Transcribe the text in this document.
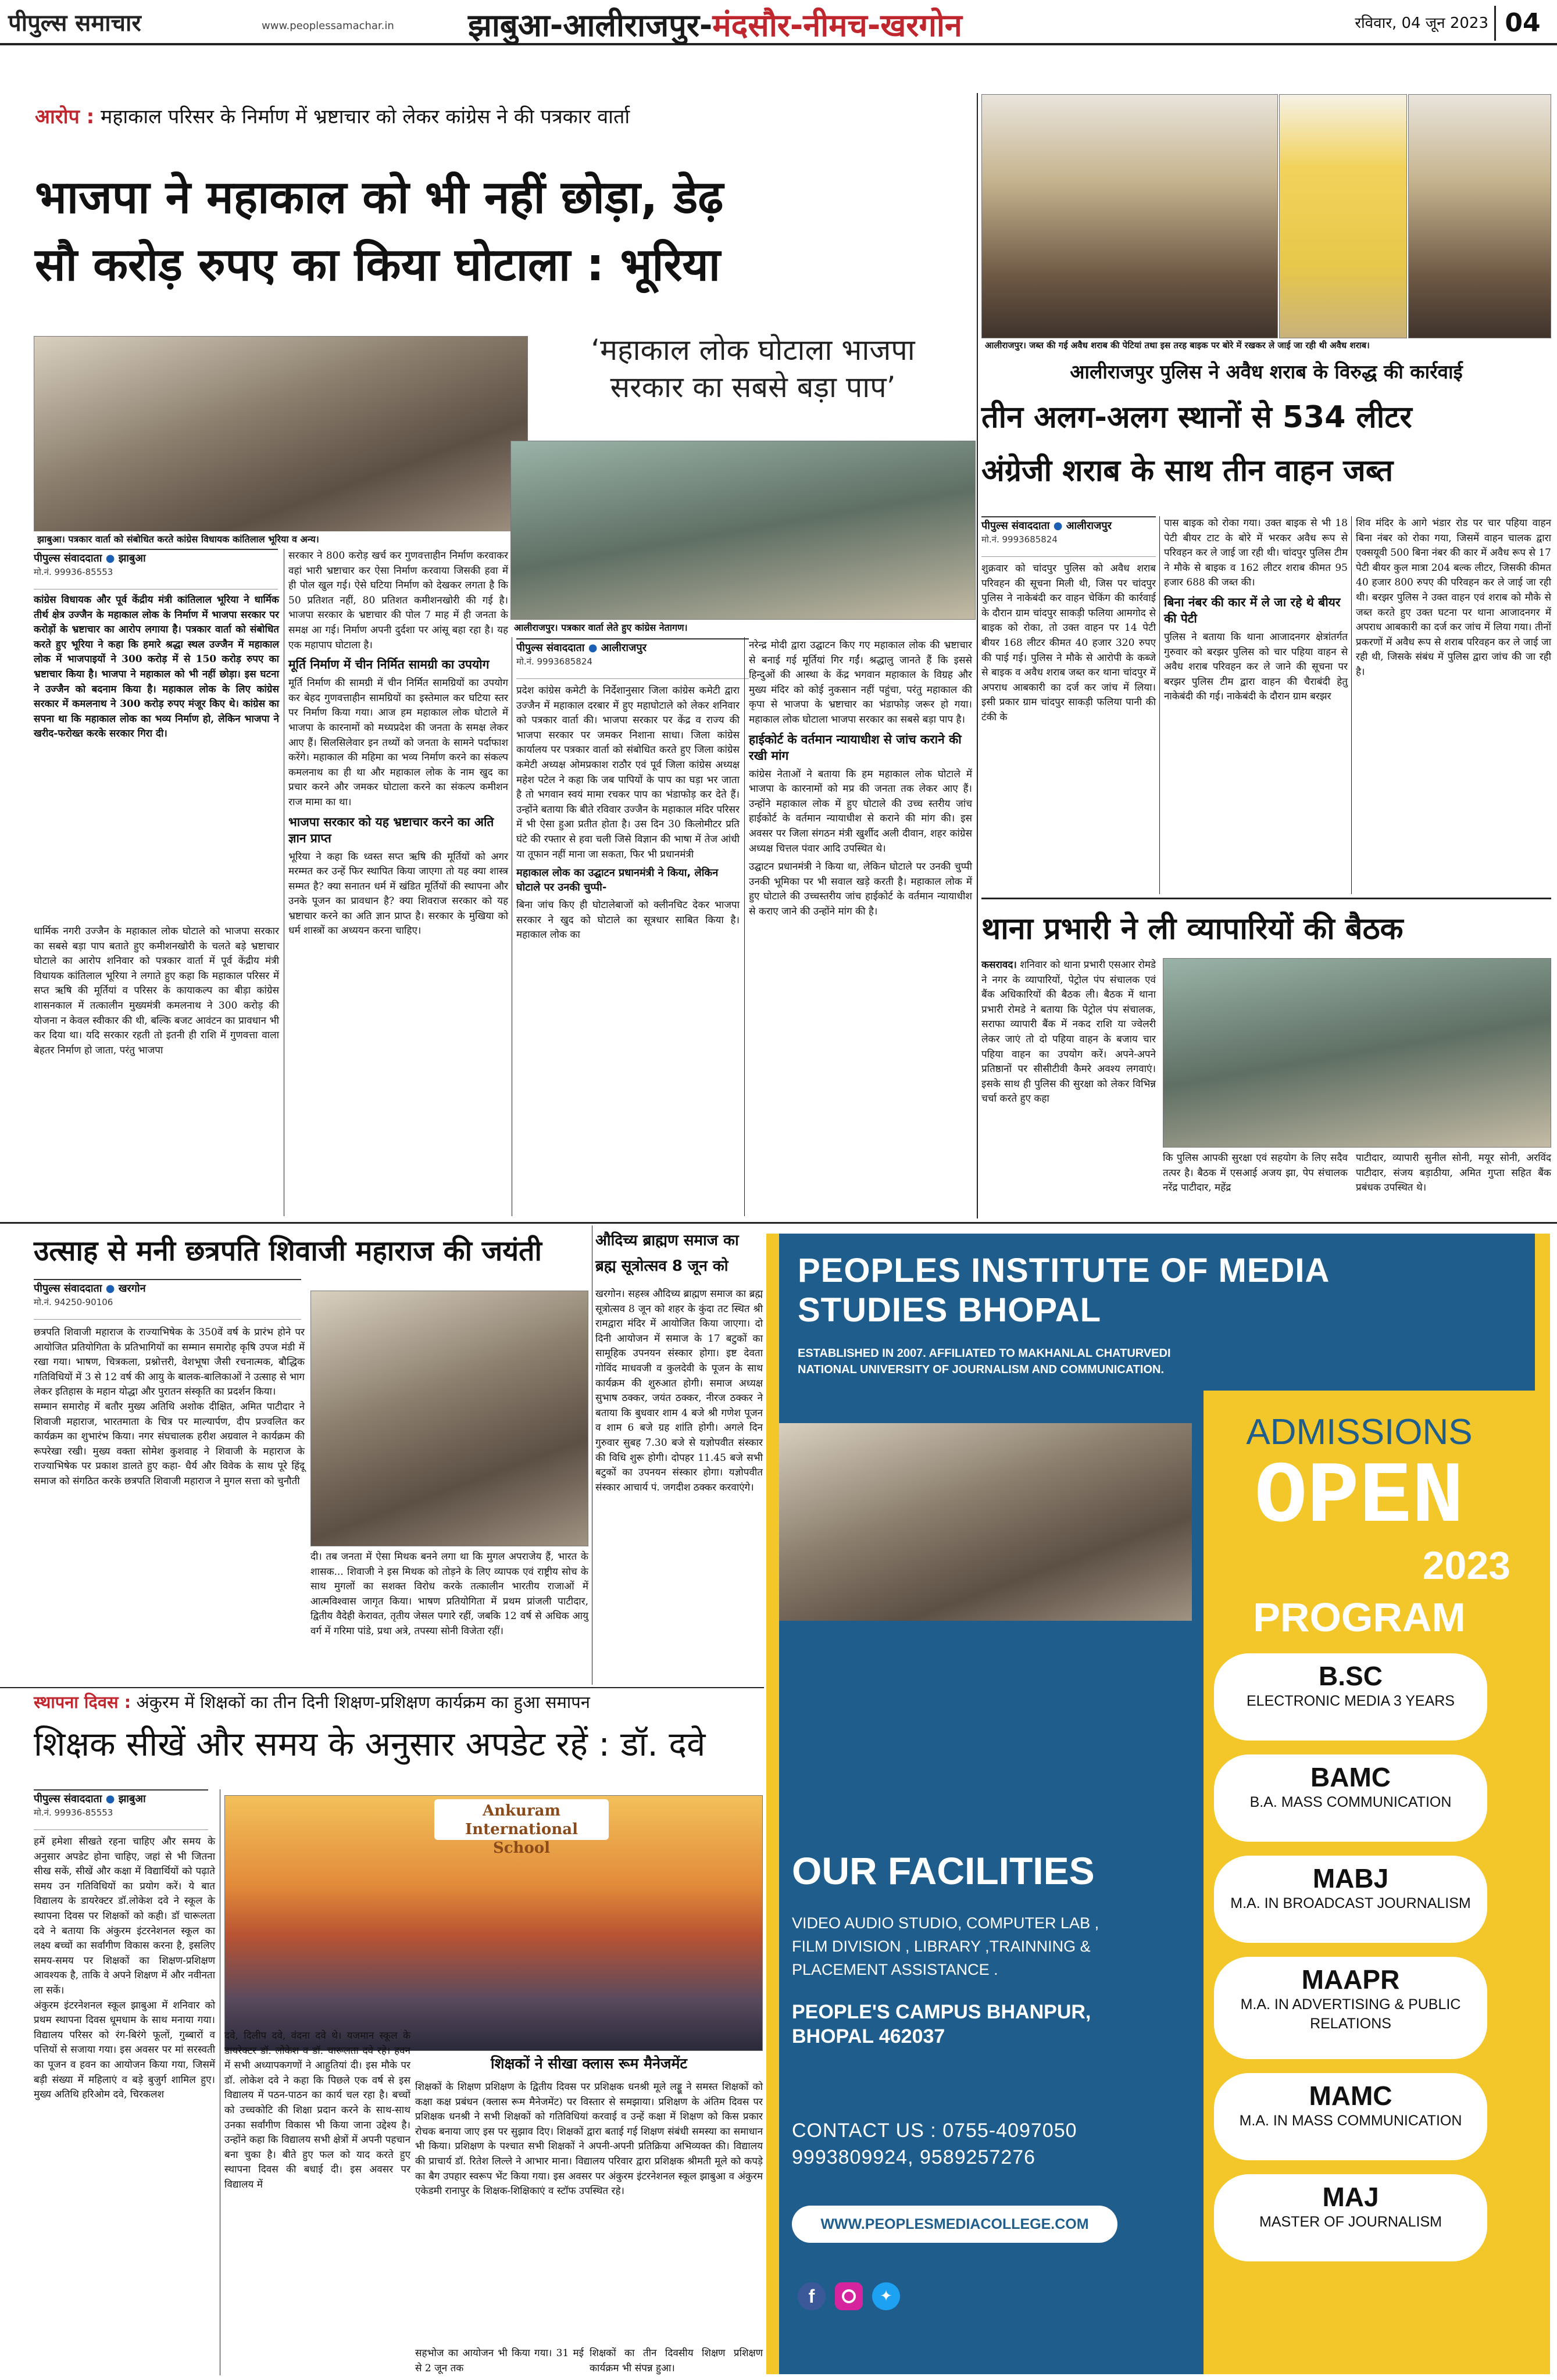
पीपुल्स समाचार	www.peoplessamachar.in	झाबुआ-आलीराजपुर-मंदसौर-नीमच-खरगोन	रविवार, 04 जून 2023 04
आरोप : महाकाल परिसर के निर्माण में भ्रष्टाचार को लेकर कांग्रेस ने की पत्रकार वार्ता
भाजपा ने महाकाल को भी नहीं छोड़ा, डेढ़
सौ करोड़ रुपए का किया घोटाला : भूरिया
झाबुआ। पत्रकार वार्ता को संबोधित करते कांग्रेस विधायक कांतिलाल भूरिया व अन्य।
‘महाकाल लोक घोटाला भाजपा
सरकार का सबसे बड़ा पाप’
आलीराजपुर। पत्रकार वार्ता लेते हुए कांग्रेस नेतागण।
पीपुल्स संवाददाता ● झाबुआ
मो.नं. 99936-85553
कांग्रेस विधायक और पूर्व केंद्रीय मंत्री कांतिलाल भूरिया ने धार्मिक तीर्थ क्षेत्र उज्जैन के महाकाल लोक के निर्माण में भाजपा सरकार पर करोड़ों के भ्रष्टाचार का आरोप लगाया है। पत्रकार वार्ता को संबोधित करते हुए भूरिया ने कहा कि हमारे श्रद्धा स्थल उज्जैन में महाकाल लोक में भाजपाइयों ने 300 करोड़ में से 150 करोड़ रुपए का भ्रष्टाचार किया है। भाजपा ने महाकाल को भी नहीं छोड़ा। इस घटना ने उज्जैन को बदनाम किया है। महाकाल लोक के लिए कांग्रेस सरकार में कमलनाथ ने 300 करोड़ रुपए मंजूर किए थे। कांग्रेस का सपना था कि महाकाल लोक का भव्य निर्माण हो, लेकिन भाजपा ने खरीद-फरोख्त करके सरकार गिरा दी।
धार्मिक नगरी उज्जैन के महाकाल लोक घोटाले को भाजपा सरकार का सबसे बड़ा पाप बताते हुए कमीशनखोरी के चलते बड़े भ्रष्टाचार घोटाले का आरोप शनिवार को पत्रकार वार्ता में पूर्व केंद्रीय मंत्री विधायक कांतिलाल भूरिया ने लगाते हुए कहा कि महाकाल परिसर में सप्त ऋषि की मूर्तियां व परिसर के कायाकल्प का बीड़ा कांग्रेस शासनकाल में तत्कालीन मुख्यमंत्री कमलनाथ ने 300 करोड़ की योजना न केवल स्वीकार की थी, बल्कि बजट आवंटन का प्रावधान भी कर दिया था। यदि सरकार रहती तो इतनी ही राशि में गुणवत्ता वाला बेहतर निर्माण हो जाता, परंतु भाजपा
सरकार ने 800 करोड़ खर्च कर गुणवत्ताहीन निर्माण करवाकर वहां भारी भ्रष्टाचार कर ऐसा निर्माण करवाया जिसकी हवा में ही पोल खुल गई। ऐसे घटिया निर्माण को देखकर लगता है कि 50 प्रतिशत नहीं, 80 प्रतिशत कमीशनखोरी की गई है। भाजपा सरकार के भ्रष्टाचार की पोल 7 माह में ही जनता के समक्ष आ गई। निर्माण अपनी दुर्दशा पर आंसू बहा रहा है। यह एक महापाप घोटाला है।
मूर्ति निर्माण में चीन निर्मित सामग्री का उपयोग
मूर्ति निर्माण की सामग्री में चीन निर्मित सामग्रियों का उपयोग कर बेहद गुणवत्ताहीन सामग्रियों का इस्तेमाल कर घटिया स्तर पर निर्माण किया गया। आज हम महाकाल लोक घोटाले में भाजपा के कारनामों को मध्यप्रदेश की जनता के समक्ष लेकर आए हैं। सिलसिलेवार इन तथ्यों को जनता के सामने पर्दाफाश करेंगे। महाकाल की महिमा का भव्य निर्माण करने का संकल्प कमलनाथ का ही था और महाकाल लोक के नाम खुद का प्रचार करने और जमकर घोटाला करने का संकल्प कमीशन राज मामा का था।
भाजपा सरकार को यह भ्रष्टाचार करने का अति ज्ञान प्राप्त
भूरिया ने कहा कि ध्वस्त सप्त ऋषि की मूर्तियों को अगर मरम्मत कर उन्हें फिर स्थापित किया जाएगा तो यह क्या शास्त्र सम्मत है? क्या सनातन धर्म में खंडित मूर्तियों की स्थापना और उनके पूजन का प्रावधान है? क्या शिवराज सरकार को यह भ्रष्टाचार करने का अति ज्ञान प्राप्त है। सरकार के मुखिया को धर्म शास्त्रों का अध्ययन करना चाहिए।
पीपुल्स संवाददाता ● आलीराजपुर
मो.नं. 9993685824
प्रदेश कांग्रेस कमेटी के निर्देशानुसार जिला कांग्रेस कमेटी द्वारा उज्जैन में महाकाल दरबार में हुए महाघोटाले को लेकर शनिवार को पत्रकार वार्ता की। भाजपा सरकार पर केंद्र व राज्य की भाजपा सरकार पर जमकर निशाना साधा। जिला कांग्रेस कार्यालय पर पत्रकार वार्ता को संबोधित करते हुए जिला कांग्रेस कमेटी अध्यक्ष ओमप्रकाश राठौर एवं पूर्व जिला कांग्रेस अध्यक्ष महेश पटेल ने कहा कि जब पापियों के पाप का घड़ा भर जाता है तो भगवान स्वयं मामा रचकर पाप का भंडाफोड़ कर देते हैं। उन्होंने बताया कि बीते रविवार उज्जैन के महाकाल मंदिर परिसर में भी ऐसा हुआ प्रतीत होता है। उस दिन 30 किलोमीटर प्रति घंटे की रफ्तार से हवा चली जिसे विज्ञान की भाषा में तेज आंधी या तूफान नहीं माना जा सकता, फिर भी प्रधानमंत्री
महाकाल लोक का उद्घाटन प्रधानमंत्री ने किया, लेकिन घोटाले पर उनकी चुप्पी-
बिना जांच किए ही घोटालेबाजों को क्लीनचिट देकर भाजपा सरकार ने खुद को घोटाले का सूत्रधार साबित किया है। महाकाल लोक का
नरेन्द्र मोदी द्वारा उद्घाटन किए गए महाकाल लोक की भ्रष्टाचार से बनाई गई मूर्तियां गिर गईं। श्रद्धालु जानते हैं कि इससे हिन्दुओं की आस्था के केंद्र भगवान महाकाल के विग्रह और मुख्य मंदिर को कोई नुकसान नहीं पहुंचा, परंतु महाकाल की कृपा से भाजपा के भ्रष्टाचार का भंडाफोड़ जरूर हो गया। महाकाल लोक घोटाला भाजपा सरकार का सबसे बड़ा पाप है।
हाईकोर्ट के वर्तमान न्यायाधीश से जांच कराने की रखी मांग
कांग्रेस नेताओं ने बताया कि हम महाकाल लोक घोटाले में भाजपा के कारनामों को मप्र की जनता तक लेकर आए हैं। उन्होंने महाकाल लोक में हुए घोटाले की उच्च स्तरीय जांच हाईकोर्ट के वर्तमान न्यायाधीश से कराने की मांग की। इस अवसर पर जिला संगठन मंत्री खुर्शीद अली दीवान, शहर कांग्रेस अध्यक्ष चित्तल पंवार आदि उपस्थित थे।
उद्घाटन प्रधानमंत्री ने किया था, लेकिन घोटाले पर उनकी चुप्पी उनकी भूमिका पर भी सवाल खड़े करती है। महाकाल लोक में हुए घोटाले की उच्चस्तरीय जांच हाईकोर्ट के वर्तमान न्यायाधीश से कराए जाने की उन्होंने मांग की है।
आलीराजपुर। जब्त की गई अवैध शराब की पेटियां तथा इस तरह बाइक पर बोरे में रखकर ले जाई जा रही थी अवैध शराब।
आलीराजपुर पुलिस ने अवैध शराब के विरुद्ध की कार्रवाई
तीन अलग-अलग स्थानों से 534 लीटर
अंग्रेजी शराब के साथ तीन वाहन जब्त
पीपुल्स संवाददाता ● आलीराजपुर
मो.नं. 9993685824
शुक्रवार को चांदपुर पुलिस को अवैध शराब परिवहन की सूचना मिली थी, जिस पर चांदपुर पुलिस ने नाकेबंदी कर वाहन चेकिंग की कार्रवाई के दौरान ग्राम चांदपुर साकड़ी फलिया आमगोद से बाइक को रोका, तो उक्त वाहन पर 14 पेटी बीयर 168 लीटर कीमत 40 हजार 320 रुपए की पाई गई। पुलिस ने मौके से आरोपी के कब्जे से बाइक व अवैध शराब जब्त कर थाना चांदपुर में अपराध आबकारी का दर्ज कर जांच में लिया। इसी प्रकार ग्राम चांदपुर साकड़ी फलिया पानी की टंकी के
पास बाइक को रोका गया। उक्त बाइक से भी 18 पेटी बीयर टाट के बोरे में भरकर अवैध रूप से परिवहन कर ले जाई जा रही थी। चांदपुर पुलिस टीम ने मौके से बाइक व 162 लीटर शराब कीमत 95 हजार 688 की जब्त की।
बिना नंबर की कार में ले जा रहे थे बीयर की पेटी
पुलिस ने बताया कि थाना आजादनगर क्षेत्रांतर्गत गुरुवार को बरझर पुलिस को चार पहिया वाहन से अवैध शराब परिवहन कर ले जाने की सूचना पर बरझर पुलिस टीम द्वारा वाहन की चैराबंदी हेतु नाकेबंदी की गई। नाकेबंदी के दौरान ग्राम बरझर
शिव मंदिर के आगे भंडार रोड पर चार पहिया वाहन बिना नंबर को रोका गया, जिसमें वाहन चालक द्वारा एक्सयूवी 500 बिना नंबर की कार में अवैध रूप से 17 पेटी बीयर कुल मात्रा 204 बल्क लीटर, जिसकी कीमत 40 हजार 800 रुपए की परिवहन कर ले जाई जा रही थी। बरझर पुलिस ने उक्त वाहन एवं शराब को मौके से जब्त करते हुए उक्त घटना पर थाना आजादनगर में अपराध आबकारी का दर्ज कर जांच में लिया गया। तीनों प्रकरणों में अवैध रूप से शराब परिवहन कर ले जाई जा रही थी, जिसके संबंध में पुलिस द्वारा जांच की जा रही है।
थाना प्रभारी ने ली व्यापारियों की बैठक
कसरावद। शनिवार को थाना प्रभारी एसआर रोमडे ने नगर के व्यापारियों, पेट्रोल पंप संचालक एवं बैंक अधिकारियों की बैठक ली। बैठक में थाना प्रभारी रोमडे ने बताया कि पेट्रोल पंप संचालक, सराफा व्यापारी बैंक में नकद राशि या ज्वेलरी लेकर जाएं तो दो पहिया वाहन के बजाय चार पहिया वाहन का उपयोग करें। अपने-अपने प्रतिष्ठानों पर सीसीटीवी कैमरे अवश्य लगवाएं। इसके साथ ही पुलिस की सुरक्षा को लेकर विभिन्न चर्चा करते हुए कहा
कि पुलिस आपकी सुरक्षा एवं सहयोग के लिए सदैव तत्पर है। बैठक में एसआई अजय झा, पेप संचालक नरेंद्र पाटीदार, महेंद्र
पाटीदार, व्यापारी सुनील सोनी, मयूर सोनी, अरविंद पाटीदार, संजय बड़ाठीया, अमित गुप्ता सहित बैंक प्रबंधक उपस्थित थे।
उत्साह से मनी छत्रपति शिवाजी महाराज की जयंती
पीपुल्स संवाददाता ● खरगोन
मो.नं. 94250-90106
छत्रपति शिवाजी महाराज के राज्याभिषेक के 350वें वर्ष के प्रारंभ होने पर आयोजित प्रतियोगिता के प्रतिभागियों का सम्मान समारोह कृषि उपज मंडी में रखा गया। भाषण, चित्रकला, प्रश्नोत्तरी, वेशभूषा जैसी रचनात्मक, बौद्धिक गतिविधियों में 3 से 12 वर्ष की आयु के बालक-बालिकाओं ने उत्साह से भाग लेकर इतिहास के महान योद्धा और पुरातन संस्कृति का प्रदर्शन किया।
सम्मान समारोह में बतौर मुख्य अतिथि अशोक दीक्षित, अमित पाटीदार ने शिवाजी महाराज, भारतमाता के चित्र पर माल्यार्पण, दीप प्रज्वलित कर कार्यक्रम का शुभारंभ किया। नगर संघचालक हरीश अग्रवाल ने कार्यक्रम की रूपरेखा रखी। मुख्य वक्ता सोमेश कुशवाह ने शिवाजी के महाराज के राज्याभिषेक पर प्रकाश डालते हुए कहा- धैर्य और विवेक के साथ पूरे हिंदू समाज को संगठित करके छत्रपति शिवाजी महाराज ने मुगल सत्ता को चुनौती
दी। तब जनता में ऐसा मिथक बनने लगा था कि मुगल अपराजेय हैं, भारत के शासक... शिवाजी ने इस मिथक को तोड़ने के लिए व्यापक एवं राष्ट्रीय सोच के साथ मुगलों का सशक्त विरोध करके तत्कालीन भारतीय राजाओं में आत्मविश्वास जागृत किया। भाषण प्रतियोगिता में प्रथम प्रांजली पाटीदार, द्वितीय वैदेही केरावत, तृतीय जेसल पगारे रहीं, जबकि 12 वर्ष से अधिक आयु वर्ग में गरिमा पांडे, प्रथा अत्रे, तपस्या सोनी विजेता रहीं।
औदिच्य ब्राह्मण समाज का
ब्रह्म सूत्रोत्सव 8 जून को
खरगोन। सहस्त्र औदिच्य ब्राह्मण समाज का ब्रह्म सूत्रोत्सव 8 जून को शहर के कुंदा तट स्थित श्री रामद्वारा मंदिर में आयोजित किया जाएगा। दो दिनी आयोजन में समाज के 17 बटुकों का सामूहिक उपनयन संस्कार होगा। इष्ट देवता गोविंद माधवजी व कुलदेवी के पूजन के साथ कार्यक्रम की शुरुआत होगी। समाज अध्यक्ष सुभाष ठक्कर, जयंत ठक्कर, नीरज ठक्कर ने बताया कि बुधवार शाम 4 बजे श्री गणेश पूजन व शाम 6 बजे ग्रह शांति होगी। अगले दिन गुरुवार सुबह 7.30 बजे से यज्ञोपवीत संस्कार की विधि शुरू होगी। दोपहर 11.45 बजे सभी बटुकों का उपनयन संस्कार होगा। यज्ञोपवीत संस्कार आचार्य पं. जगदीश ठक्कर करवाएंगे।
स्थापना दिवस : अंकुरम में शिक्षकों का तीन दिनी शिक्षण-प्रशिक्षण कार्यक्रम का हुआ समापन
शिक्षक सीखें और समय के अनुसार अपडेट रहें : डॉ. दवे
पीपुल्स संवाददाता ● झाबुआ
मो.नं. 99936-85553
हमें हमेशा सीखते रहना चाहिए और समय के अनुसार अपडेट होना चाहिए, जहां से भी जितना सीख सकें, सीखें और कक्षा में विद्यार्थियों को पढ़ाते समय उन गतिविधियों का प्रयोग करें। ये बात विद्यालय के डायरेक्टर डॉ.लोकेश दवे ने स्कूल के स्थापना दिवस पर शिक्षकों को कही। डॉ चारूलता दवे ने बताया कि अंकुरम इंटरनेशनल स्कूल का लक्ष्य बच्चों का सर्वांगीण विकास करना है, इसलिए समय-समय पर शिक्षकों का शिक्षण-प्रशिक्षण आवश्यक है, ताकि वे अपने शिक्षण में और नवीनता ला सकें।
अंकुरम इंटरनेशनल स्कूल झाबुआ में शनिवार को प्रथम स्थापना दिवस धूमधाम के साथ मनाया गया। विद्यालय परिसर को रंग-बिरंगे फूलों, गुब्बारों व पत्तियों से सजाया गया। इस अवसर पर मां सरस्वती का पूजन व हवन का आयोजन किया गया, जिसमें बड़ी संख्या में महिलाएं व बड़े बुजुर्ग शामिल हुए। मुख्य अतिथि हरिओम दवे, चिरकलश
Ankuram International School
दवे, दिलीप दवे, वंदना दवे थे। यजमान स्कूल के डायरेक्टर डॉ. लोकेश व डॉ. चारूलता दवे रहे। हवन में सभी अध्यापकगणों ने आहुतियां दी। इस मौके पर डॉ. लोकेश दवे ने कहा कि पिछले एक वर्ष से इस विद्यालय में पठन-पाठन का कार्य चल रहा है। बच्चों को उच्चकोटि की शिक्षा प्रदान करने के साथ-साथ उनका सर्वांगीण विकास भी किया जाना उद्देश्य है। उन्होंने कहा कि विद्यालय सभी क्षेत्रों में अपनी पहचान बना चुका है। बीते हुए फल को याद करते हुए स्थापना दिवस की बधाई दी। इस अवसर पर विद्यालय में
शिक्षकों ने सीखा क्लास रूम मैनेजमेंट
शिक्षकों के शिक्षण प्रशिक्षण के द्वितीय दिवस पर प्रशिक्षक धनश्री मूले लड्डू ने समस्त शिक्षकों को कक्षा कक्ष प्रबंधन (क्लास रूम मैनेजमेंट) पर विस्तार से समझाया। प्रशिक्षण के अंतिम दिवस पर प्रशिक्षक धनश्री ने सभी शिक्षकों को गतिविधियां करवाई व उन्हें कक्षा में शिक्षण को किस प्रकार रोचक बनाया जाए इस पर सुझाव दिए। शिक्षकों द्वारा बताई गई शिक्षण संबंधी समस्या का समाधान भी किया। प्रशिक्षण के पश्चात सभी शिक्षकों ने अपनी-अपनी प्रतिक्रिया अभिव्यक्त की। विद्यालय की प्राचार्य डॉ. रितेश लिल्ले ने आभार माना। विद्यालय परिवार द्वारा प्रशिक्षक श्रीमती मूले को कपड़े का बैग उपहार स्वरूप भेंट किया गया। इस अवसर पर अंकुरम इंटरनेशनल स्कूल झाबुआ व अंकुरम एकेडमी रानापुर के शिक्षक-शिक्षिकाएं व स्टॉफ उपस्थित रहे।
सहभोज का आयोजन भी किया गया। 31 मई से 2 जून तक
शिक्षकों का तीन दिवसीय शिक्षण प्रशिक्षण कार्यक्रम भी संपन्न हुआ।
PEOPLES INSTITUTE OF MEDIA
STUDIES BHOPAL
ESTABLISHED IN 2007. AFFILIATED TO MAKHANLAL CHATURVEDI
NATIONAL UNIVERSITY OF JOURNALISM AND COMMUNICATION.
ADMISSIONS
OPEN
2023
PROGRAM
B.SC
ELECTRONIC MEDIA 3 YEARS
BAMC
B.A. MASS COMMUNICATION
MABJ
M.A. IN BROADCAST JOURNALISM
MAAPR
M.A. IN ADVERTISING & PUBLIC
RELATIONS
MAMC
M.A. IN MASS COMMUNICATION
MAJ
MASTER OF JOURNALISM
OUR FACILITIES
VIDEO AUDIO STUDIO, COMPUTER LAB ,
FILM DIVISION , LIBRARY ,TRAINNING &
PLACEMENT ASSISTANCE .
PEOPLE'S CAMPUS BHANPUR,
BHOPAL 462037
CONTACT US : 0755-4097050
9993809924, 9589257276
WWW.PEOPLESMEDIACOLLEGE.COM
f	✦
